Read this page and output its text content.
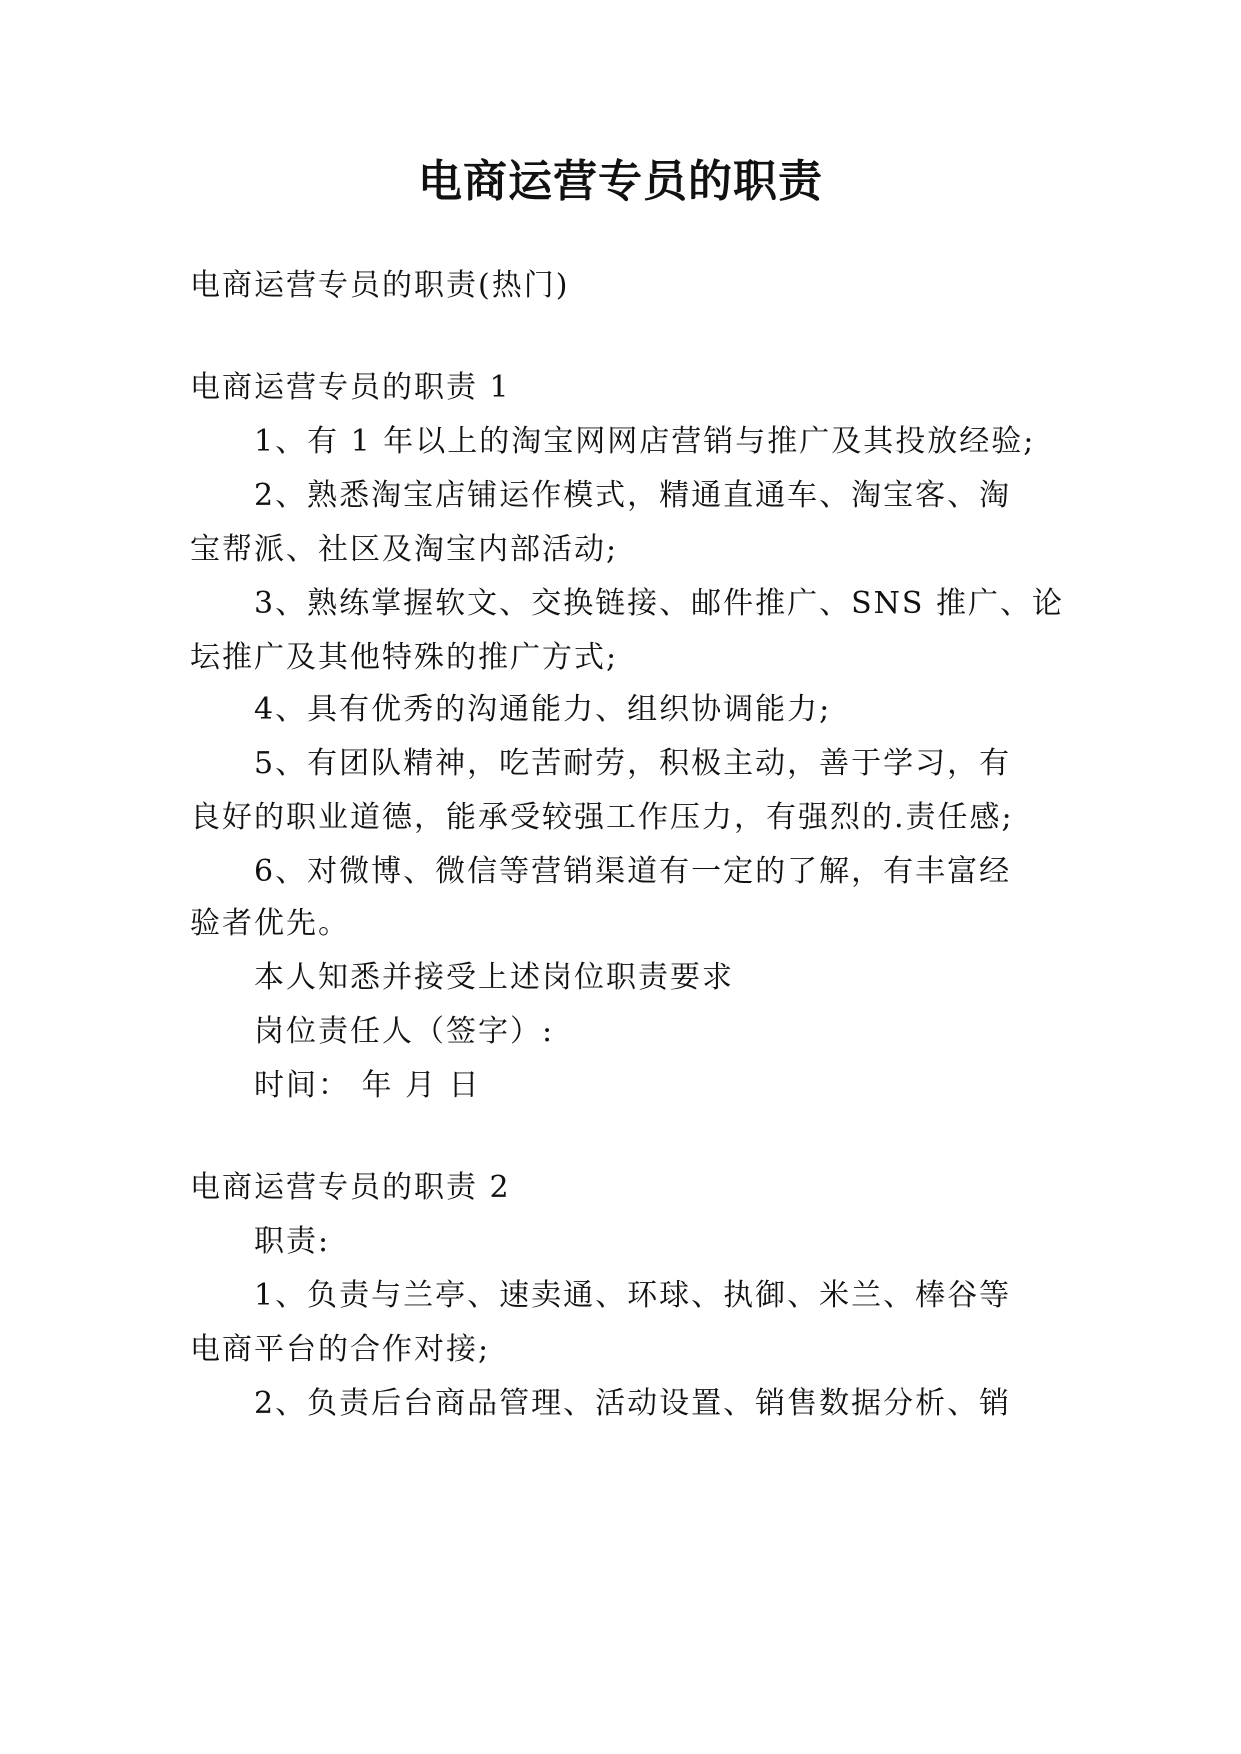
电商运营专员的职责

电商运营专员的职责(热门)

电商运营专员的职责 1

1、有 1 年以上的淘宝网网店营销与推广及其投放经验;

2、熟悉淘宝店铺运作模式，精通直通车、淘宝客、淘

宝帮派、社区及淘宝内部活动;

3、熟练掌握软文、交换链接、邮件推广、SNS 推广、论

坛推广及其他特殊的推广方式;

4、具有优秀的沟通能力、组织协调能力;

5、有团队精神，吃苦耐劳，积极主动，善于学习，有

良好的职业道德，能承受较强工作压力，有强烈的.责任感;

6、对微博、微信等营销渠道有一定的了解，有丰富经

验者优先。

本人知悉并接受上述岗位职责要求

岗位责任人（签字）:

时间： 年 月 日

电商运营专员的职责 2

职责:

1、负责与兰亭、速卖通、环球、执御、米兰、棒谷等

电商平台的合作对接;

2、负责后台商品管理、活动设置、销售数据分析、销
